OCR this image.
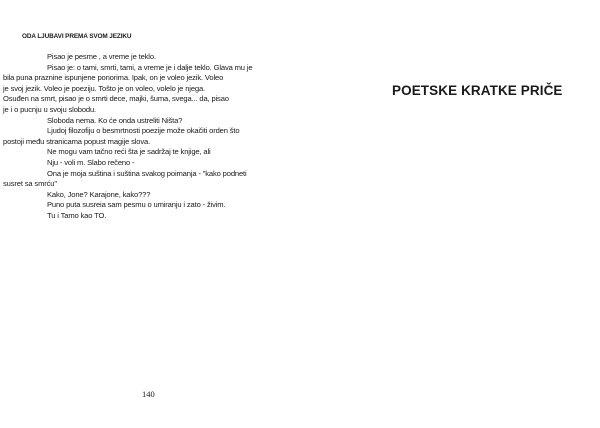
ODA LJUBAVI PREMA SVOM JEZIKU
Pisao je pesme , a vreme je teklo.
Pisao je: o tami, smrti, tami, a vreme je i dalje teklo. Glava mu je
bila puna praznine ispunjene ponorima. Ipak, on je voleo jezik. Voleo
je svoj jezik. Voleo je poeziju. Tošto je on voleo, volelo je njega.
Osuđen na smrt, pisao je o smrti dece, majki, šuma, svega... da, pisao
je i o pucnju u svoju slobodu.
Sloboda nema. Ko će onda ustreliti Ništa?
Ljudoj filozofiju o besmrtnosti poezije može okačiti orden što
postoji među stranicama popust magije slova.
Ne mogu vam tačno reći šta je sadržaj te knjige, ali
Nju - voli m. Slabo rečeno -
Ona je moja suština i suština svakog poimanja - "kako podneti
susret sa smrću"
Kako, Jone? Karajone, kako???
Puno puta susreia sam pesmu o umiranju i zato - živim.
Tu i Tamo kao TO.
140
POETSKE KRATKE PRIČE
